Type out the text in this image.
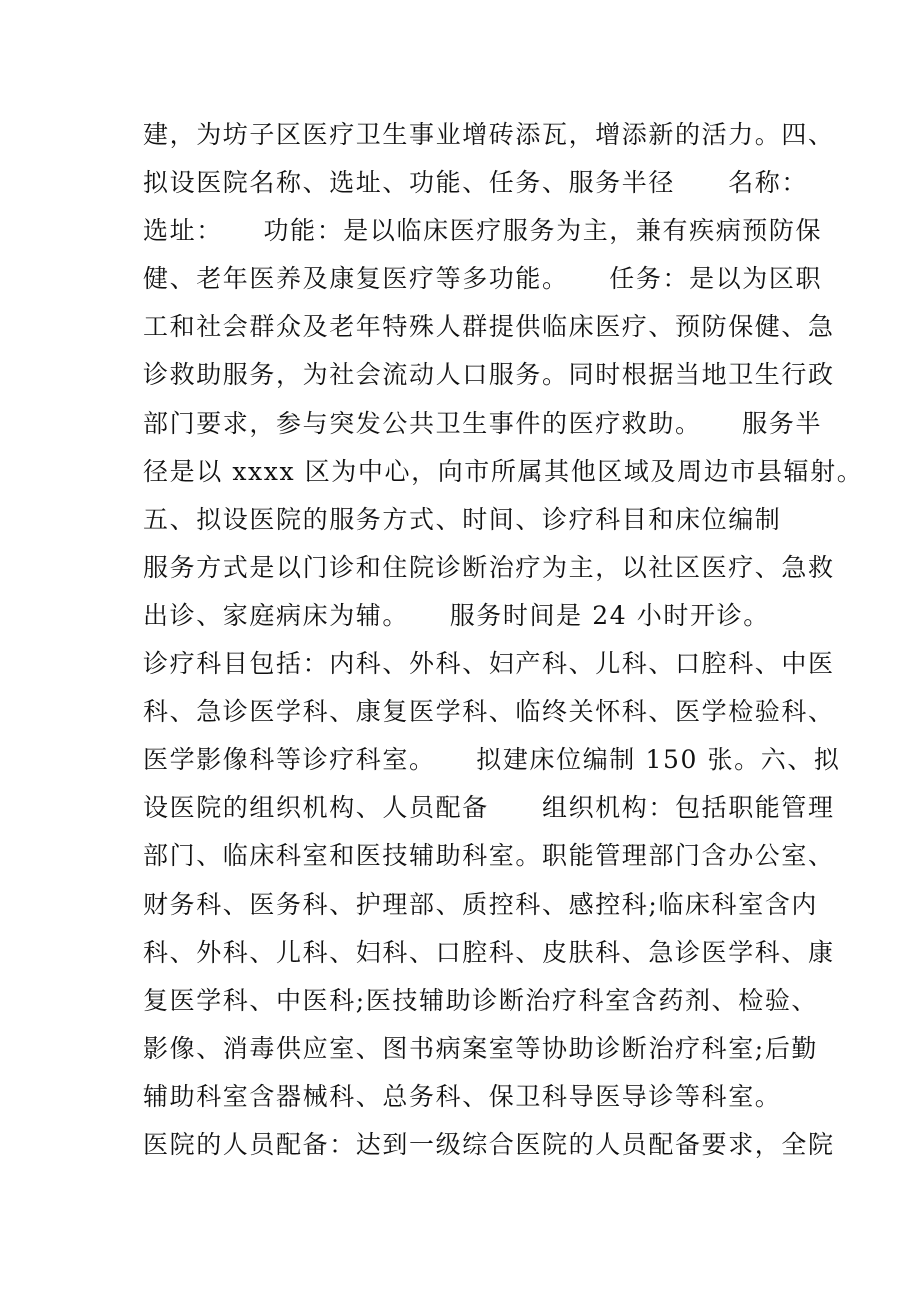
建，为坊子区医疗卫生事业增砖添瓦，增添新的活力。四、
拟设医院名称、选址、功能、任务、服务半径　　名称：
选址：　　功能：是以临床医疗服务为主，兼有疾病预防保
健、老年医养及康复医疗等多功能。　　任务：是以为区职
工和社会群众及老年特殊人群提供临床医疗、预防保健、急
诊救助服务，为社会流动人口服务。同时根据当地卫生行政
部门要求，参与突发公共卫生事件的医疗救助。　　服务半
径是以 xxxx 区为中心，向市所属其他区域及周边市县辐射。
五、拟设医院的服务方式、时间、诊疗科目和床位编制
服务方式是以门诊和住院诊断治疗为主，以社区医疗、急救
出诊、家庭病床为辅。　　服务时间是 24 小时开诊。
诊疗科目包括：内科、外科、妇产科、儿科、口腔科、中医
科、急诊医学科、康复医学科、临终关怀科、医学检验科、
医学影像科等诊疗科室。　　拟建床位编制 150 张。六、拟
设医院的组织机构、人员配备　　组织机构：包括职能管理
部门、临床科室和医技辅助科室。职能管理部门含办公室、
财务科、医务科、护理部、质控科、感控科;临床科室含内
科、外科、儿科、妇科、口腔科、皮肤科、急诊医学科、康
复医学科、中医科;医技辅助诊断治疗科室含药剂、检验、
影像、消毒供应室、图书病案室等协助诊断治疗科室;后勤
辅助科室含器械科、总务科、保卫科导医导诊等科室。
医院的人员配备：达到一级综合医院的人员配备要求，全院
